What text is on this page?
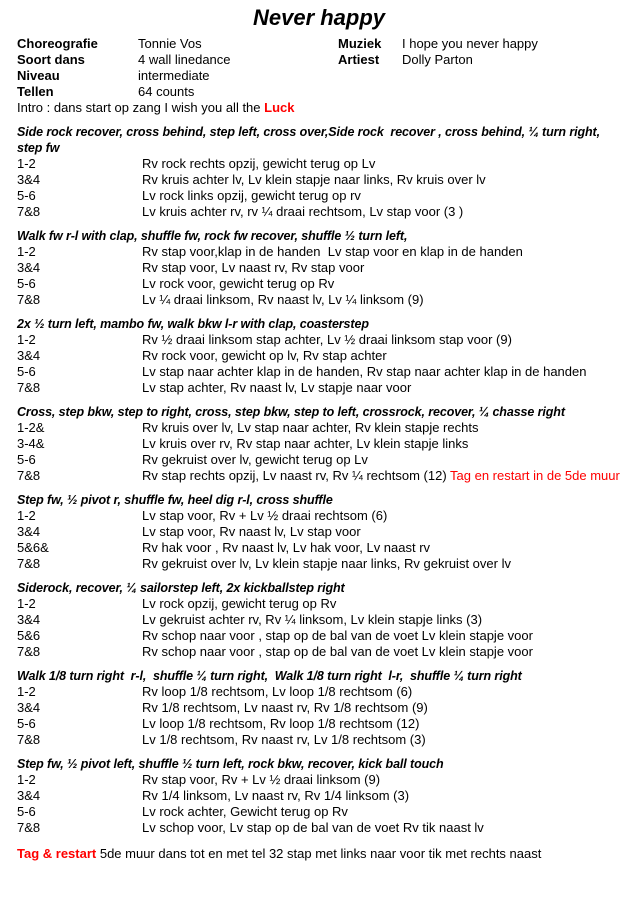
Never happy
Choreografie	Tonnie Vos	Muziek	I hope you never happy
Soort dans	4 wall linedance	Artiest	Dolly Parton
Niveau	intermediate
Tellen	64 counts
Intro : dans start op zang I wish you all the Luck
Side rock recover, cross behind, step left, cross over,Side rock  recover , cross behind, ¼ turn right, step fw
1-2	Rv rock rechts opzij, gewicht terug op Lv
3&4	Rv kruis achter lv, Lv klein stapje naar links, Rv kruis over lv
5-6	Lv rock links opzij, gewicht terug op rv
7&8	Lv kruis achter rv, rv ¼ draai rechtsom, Lv stap voor (3 )
Walk fw r-l with clap, shuffle fw, rock fw recover, shuffle ½ turn left,
1-2	Rv stap voor,klap in de handen  Lv stap voor en klap in de handen
3&4	Rv stap voor, Lv naast rv, Rv stap voor
5-6	Lv rock voor, gewicht terug op Rv
7&8	Lv ¼ draai linksom, Rv naast lv, Lv ¼ linksom (9)
2x ½ turn left, mambo fw, walk bkw l-r with clap, coasterstep
1-2	Rv ½ draai linksom stap achter, Lv ½ draai linksom stap voor (9)
3&4	Rv rock voor, gewicht op lv, Rv stap achter
5-6	Lv stap naar achter klap in de handen, Rv stap naar achter klap in de handen
7&8	Lv stap achter, Rv naast lv, Lv stapje naar voor
Cross, step bkw, step to right, cross, step bkw, step to left, crossrock, recover, ¼ chasse right
1-2&	Rv kruis over lv, Lv stap naar achter, Rv klein stapje rechts
3-4&	Lv kruis over rv, Rv stap naar achter, Lv klein stapje links
5-6	Rv gekruist over lv, gewicht terug op Lv
7&8	Rv stap rechts opzij, Lv naast rv, Rv ¼ rechtsom (12) Tag en restart in de 5de muur
Step fw, ½ pivot r, shuffle fw, heel dig r-l, cross shuffle
1-2	Lv stap voor, Rv + Lv ½ draai rechtsom (6)
3&4	Lv stap voor, Rv naast lv, Lv stap voor
5&6&	Rv hak voor , Rv naast lv, Lv hak voor, Lv naast rv
7&8	Rv gekruist over lv, Lv klein stapje naar links, Rv gekruist over lv
Siderock, recover, ¼ sailorstep left, 2x kickballstep right
1-2	Lv rock opzij, gewicht terug op Rv
3&4	Lv gekruist achter rv, Rv ¼ linksom, Lv klein stapje links (3)
5&6	Rv schop naar voor , stap op de bal van de voet Lv klein stapje voor
7&8	Rv schop naar voor , stap op de bal van de voet Lv klein stapje voor
Walk 1/8 turn right  r-l,  shuffle ¼ turn right,  Walk 1/8 turn right  l-r,  shuffle ¼ turn right
1-2	Rv loop 1/8 rechtsom, Lv loop 1/8 rechtsom (6)
3&4	Rv 1/8 rechtsom, Lv naast rv, Rv 1/8 rechtsom (9)
5-6	Lv loop 1/8 rechtsom, Rv loop 1/8 rechtsom (12)
7&8	Lv 1/8 rechtsom, Rv naast rv, Lv 1/8 rechtsom (3)
Step fw, ½ pivot left, shuffle ½ turn left, rock bkw, recover, kick ball touch
1-2	Rv stap voor, Rv + Lv ½ draai linksom (9)
3&4	Rv 1/4 linksom, Lv naast rv, Rv 1/4 linksom (3)
5-6	Lv rock achter, Gewicht terug op Rv
7&8	Lv schop voor, Lv stap op de bal van de voet Rv tik naast lv
Tag & restart 5de muur dans tot en met tel 32 stap met links naar voor tik met rechts naast
